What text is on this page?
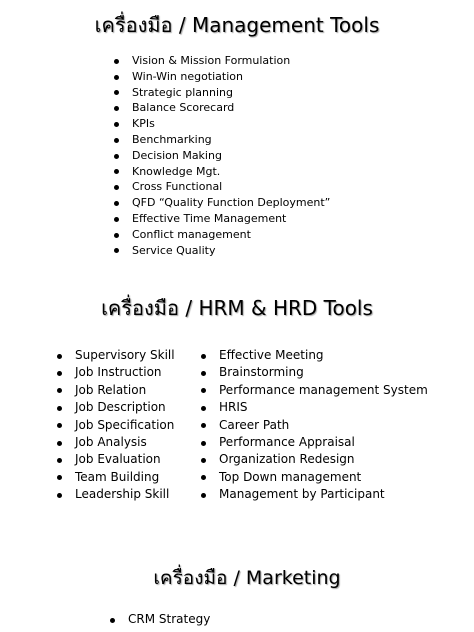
เครื่องมือ / Management Tools
Vision & Mission Formulation
Win-Win negotiation
Strategic planning
Balance Scorecard
KPIs
Benchmarking
Decision Making
Knowledge Mgt.
Cross Functional
QFD “Quality Function Deployment”
Effective Time Management
Conflict management
Service Quality
เครื่องมือ / HRM & HRD Tools
Supervisory Skill
Job Instruction
Job Relation
Job Description
Job Specification
Job Analysis
Job Evaluation
Team Building
Leadership Skill
Effective Meeting
Brainstorming
Performance management System
HRIS
Career Path
Performance Appraisal
Organization Redesign
Top Down management
Management by Participant
เครื่องมือ / Marketing
CRM Strategy
